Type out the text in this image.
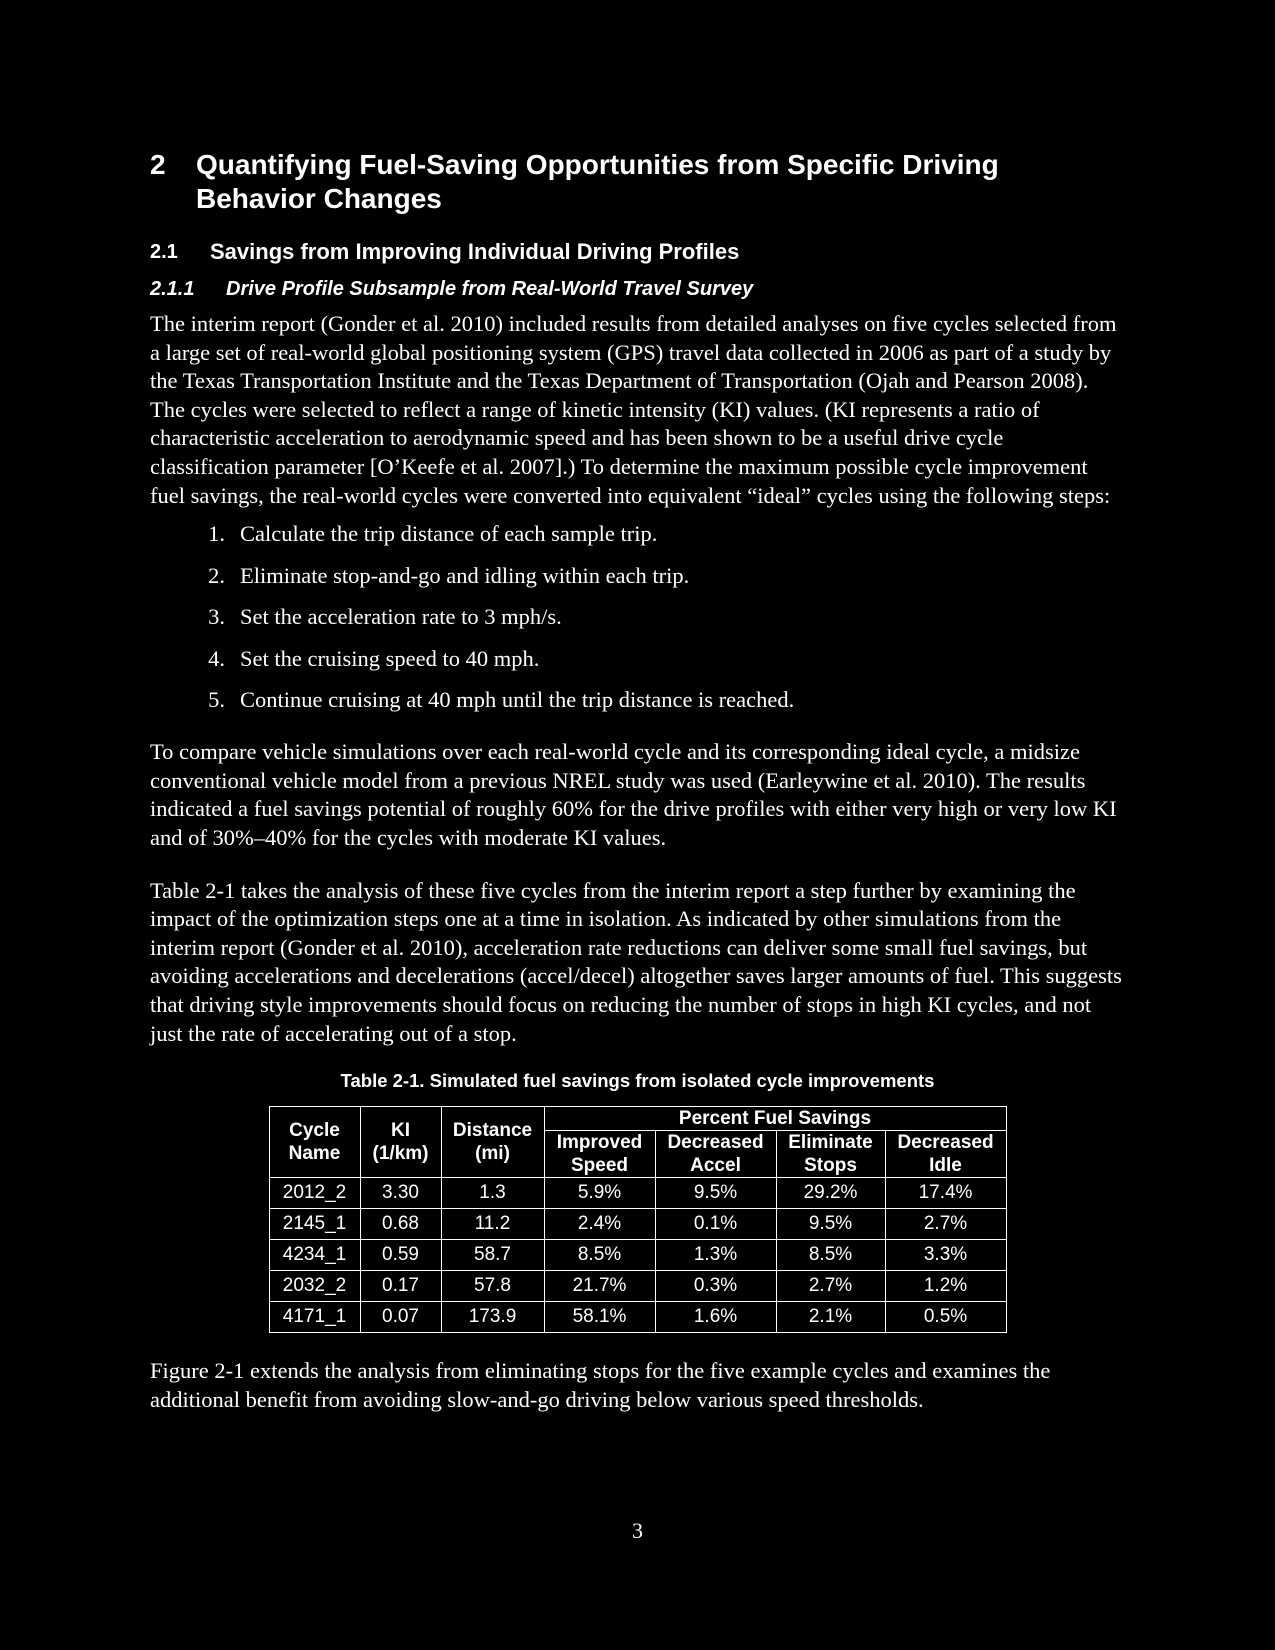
2	Quantifying Fuel-Saving Opportunities from Specific Driving Behavior Changes
2.1	Savings from Improving Individual Driving Profiles
2.1.1	Drive Profile Subsample from Real-World Travel Survey

The interim report (Gonder et al. 2010) included results from detailed analyses on five cycles selected from a large set of real-world global positioning system (GPS) travel data collected in 2006 as part of a study by the Texas Transportation Institute and the Texas Department of Transportation (Ojah and Pearson 2008). The cycles were selected to reflect a range of kinetic intensity (KI) values. (KI represents a ratio of characteristic acceleration to aerodynamic speed and has been shown to be a useful drive cycle classification parameter [O’Keefe et al. 2007].) To determine the maximum possible cycle improvement fuel savings, the real-world cycles were converted into equivalent “ideal” cycles using the following steps:

1. Calculate the trip distance of each sample trip.
2. Eliminate stop-and-go and idling within each trip.
3. Set the acceleration rate to 3 mph/s.
4. Set the cruising speed to 40 mph.
5. Continue cruising at 40 mph until the trip distance is reached.

To compare vehicle simulations over each real-world cycle and its corresponding ideal cycle, a midsize conventional vehicle model from a previous NREL study was used (Earleywine et al. 2010). The results indicated a fuel savings potential of roughly 60% for the drive profiles with either very high or very low KI and of 30%–40% for the cycles with moderate KI values.

Table 2-1 takes the analysis of these five cycles from the interim report a step further by examining the impact of the optimization steps one at a time in isolation. As indicated by other simulations from the interim report (Gonder et al. 2010), acceleration rate reductions can deliver some small fuel savings, but avoiding accelerations and decelerations (accel/decel) altogether saves larger amounts of fuel. This suggests that driving style improvements should focus on reducing the number of stops in high KI cycles, and not just the rate of accelerating out of a stop.

Table 2-1. Simulated fuel savings from isolated cycle improvements
Cycle Name	KI (1/km)	Distance (mi)	Percent Fuel Savings			
			Improved Speed	Decreased Accel	Eliminate Stops	Decreased Idle
2012_2	3.30	1.3	5.9%	9.5%	29.2%	17.4%
2145_1	0.68	11.2	2.4%	0.1%	9.5%	2.7%
4234_1	0.59	58.7	8.5%	1.3%	8.5%	3.3%
2032_2	0.17	57.8	21.7%	0.3%	2.7%	1.2%
4171_1	0.07	173.9	58.1%	1.6%	2.1%	0.5%

Figure 2-1 extends the analysis from eliminating stops for the five example cycles and examines the additional benefit from avoiding slow-and-go driving below various speed thresholds.

3
